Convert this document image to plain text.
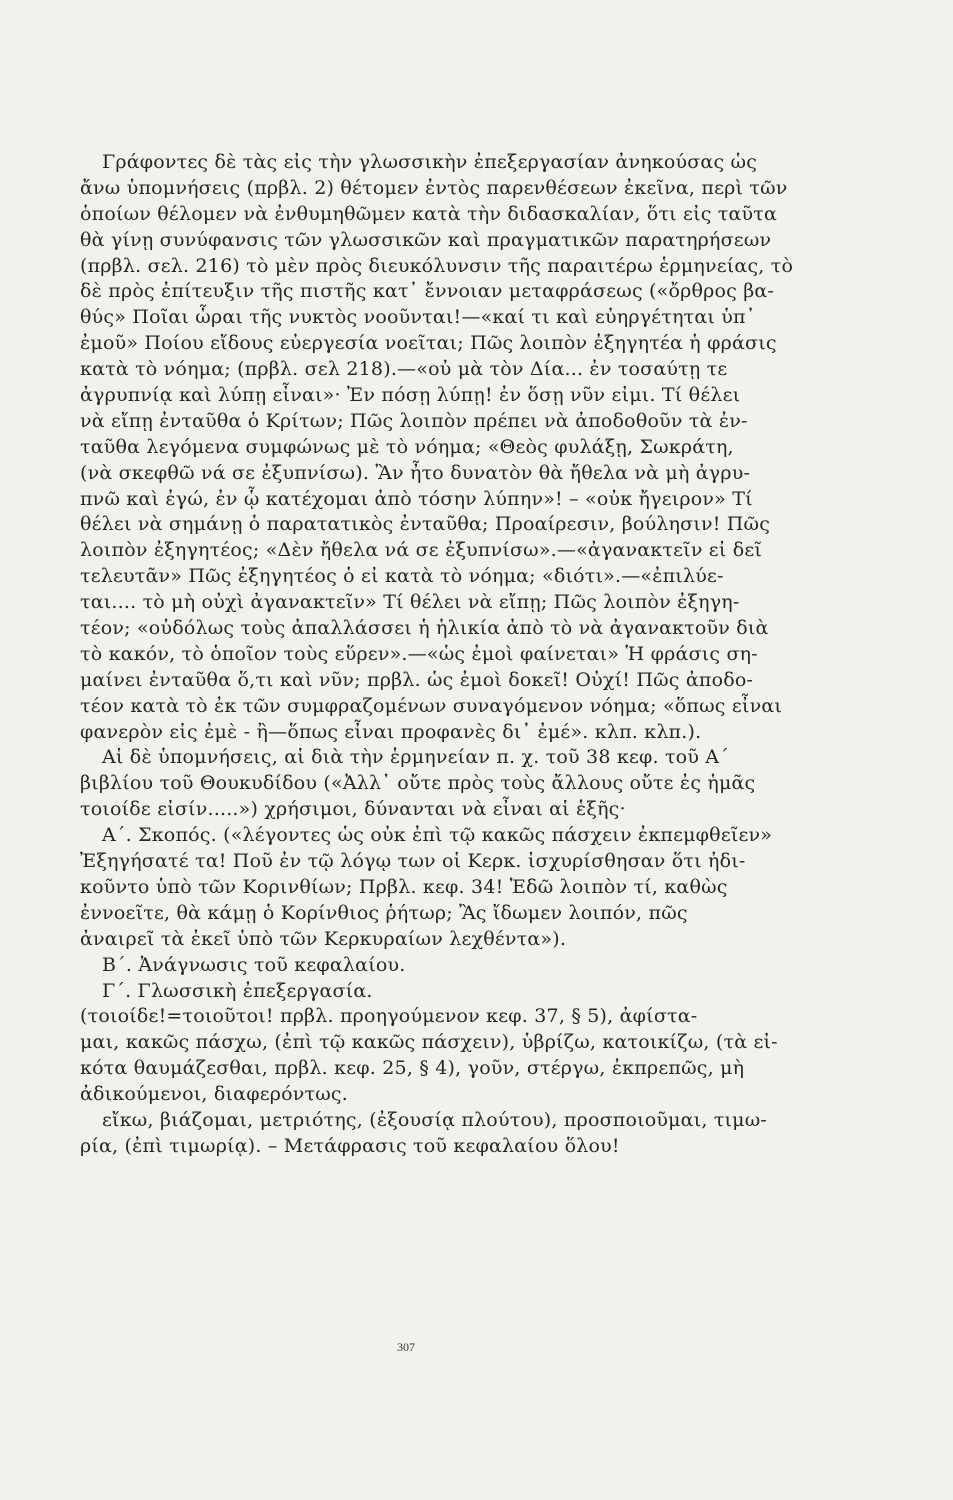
Γράφοντες δὲ τὰς εἰς τὴν γλωσσικὴν ἐπεξεργασίαν ἀνηκούσας ὡς
ἄνω ὑπομνήσεις (πρβλ. 2) θέτομεν ἐντὸς παρενθέσεων ἐκεῖνα, περὶ τῶν
ὁποίων θέλομεν νὰ ἐνθυμηθῶμεν κατὰ τὴν διδασκαλίαν, ὅτι εἰς ταῦτα
θὰ γίνῃ συνύφανσις τῶν γλωσσικῶν καὶ πραγματικῶν παρατηρήσεων
(πρβλ. σελ. 216) τὸ μὲν πρὸς διευκόλυνσιν τῆς παραιτέρω ἑρμηνείας, τὸ
δὲ πρὸς ἐπίτευξιν τῆς πιστῆς κατ᾽ ἔννοιαν μεταφράσεως («ὄρθρος βα-
θύς» Ποῖαι ὧραι τῆς νυκτὸς νοοῦνται!—«καί τι καὶ εὐηργέτηται ὑπ᾽
ἐμοῦ» Ποίου εἴδους εὐεργεσία νοεῖται; Πῶς λοιπὸν ἐξηγητέα ἡ φράσις
κατὰ τὸ νόημα; (πρβλ. σελ 218).—«οὐ μὰ τὸν Δία... ἐν τοσαύτῃ τε
ἀγρυπνίᾳ καὶ λύπῃ εἶναι»· Ἐν πόσῃ λύπῃ! ἐν ὅσῃ νῦν εἰμι. Τί θέλει
νὰ εἴπῃ ἐνταῦθα ὁ Κρίτων; Πῶς λοιπὸν πρέπει νὰ ἀποδοθοῦν τὰ ἐν-
ταῦθα λεγόμενα συμφώνως μὲ τὸ νόημα; «Θεὸς φυλάξῃ, Σωκράτη,
(νὰ σκεφθῶ νά σε ἐξυπνίσω). Ἂν ἦτο δυνατὸν θὰ ἤθελα νὰ μὴ ἀγρυ-
πνῶ καὶ ἐγώ, ἐν ᾧ κατέχομαι ἀπὸ τόσην λύπην»! – «οὐκ ἤγειρον» Τί
θέλει νὰ σημάνῃ ὁ παρατατικὸς ἐνταῦθα; Προαίρεσιν, βούλησιν! Πῶς
λοιπὸν ἐξηγητέος; «Δὲν ἤθελα νά σε ἐξυπνίσω».—«ἀγανακτεῖν εἰ δεῖ
τελευτᾶν» Πῶς ἐξηγητέος ὁ εἰ κατὰ τὸ νόημα; «διότι».—«ἐπιλύε-
ται.... τὸ μὴ οὐχὶ ἀγανακτεῖν» Τί θέλει νὰ εἴπῃ; Πῶς λοιπὸν ἐξηγη-
τέον; «οὐδόλως τοὺς ἀπαλλάσσει ἡ ἡλικία ἀπὸ τὸ νὰ ἀγανακτοῦν διὰ
τὸ κακόν, τὸ ὁποῖον τοὺς εὕρεν».—«ὡς ἐμοὶ φαίνεται» Ἡ φράσις ση-
μαίνει ἐνταῦθα ὅ,τι καὶ νῦν; πρβλ. ὡς ἐμοὶ δοκεῖ! Οὐχί! Πῶς ἀποδο-
τέον κατὰ τὸ ἐκ τῶν συμφραζομένων συναγόμενον νόημα; «ὅπως εἶναι
φανερὸν εἰς ἐμὲ - ἢ—ὅπως εἶναι προφανὲς δι᾽ ἐμέ». κλπ. κλπ.).
Αἱ δὲ ὑπομνήσεις, αἱ διὰ τὴν ἑρμηνείαν π. χ. τοῦ 38 κεφ. τοῦ Α΄
βιβλίου τοῦ Θουκυδίδου («Ἀλλ᾽ οὔτε πρὸς τοὺς ἄλλους οὔτε ἐς ἡμᾶς
τοιοίδε εἰσίν.....») χρήσιμοι, δύνανται νὰ εἶναι αἱ ἑξῆς·
Α΄. Σκοπός. («λέγοντες ὡς οὐκ ἐπὶ τῷ κακῶς πάσχειν ἐκπεμφθεῖεν»
Ἐξηγήσατέ τα! Ποῦ ἐν τῷ λόγῳ των οἱ Κερκ. ἰσχυρίσθησαν ὅτι ἠδι-
κοῦντο ὑπὸ τῶν Κορινθίων; Πρβλ. κεφ. 34! Ἐδῶ λοιπὸν τί, καθὼς
ἐννοεῖτε, θὰ κάμῃ ὁ Κορίνθιος ῥήτωρ; Ἂς ἴδωμεν λοιπόν, πῶς
ἀναιρεῖ τὰ ἐκεῖ ὑπὸ τῶν Κερκυραίων λεχθέντα»).
Β΄. Ἀνάγνωσις τοῦ κεφαλαίου.
Γ΄. Γλωσσικὴ ἐπεξεργασία.
(τοιοίδε!=τοιοῦτοι! πρβλ. προηγούμενον κεφ. 37, § 5), ἀφίστα-
μαι, κακῶς πάσχω, (ἐπὶ τῷ κακῶς πάσχειν), ὑβρίζω, κατοικίζω, (τὰ εἰ-
κότα θαυμάζεσθαι, πρβλ. κεφ. 25, § 4), γοῦν, στέργω, ἐκπρεπῶς, μὴ
ἀδικούμενοι, διαφερόντως.
εἴκω, βιάζομαι, μετριότης, (ἐξουσίᾳ πλούτου), προσποιοῦμαι, τιμω-
ρία, (ἐπὶ τιμωρίᾳ). – Μετάφρασις τοῦ κεφαλαίου ὅλου!
307
